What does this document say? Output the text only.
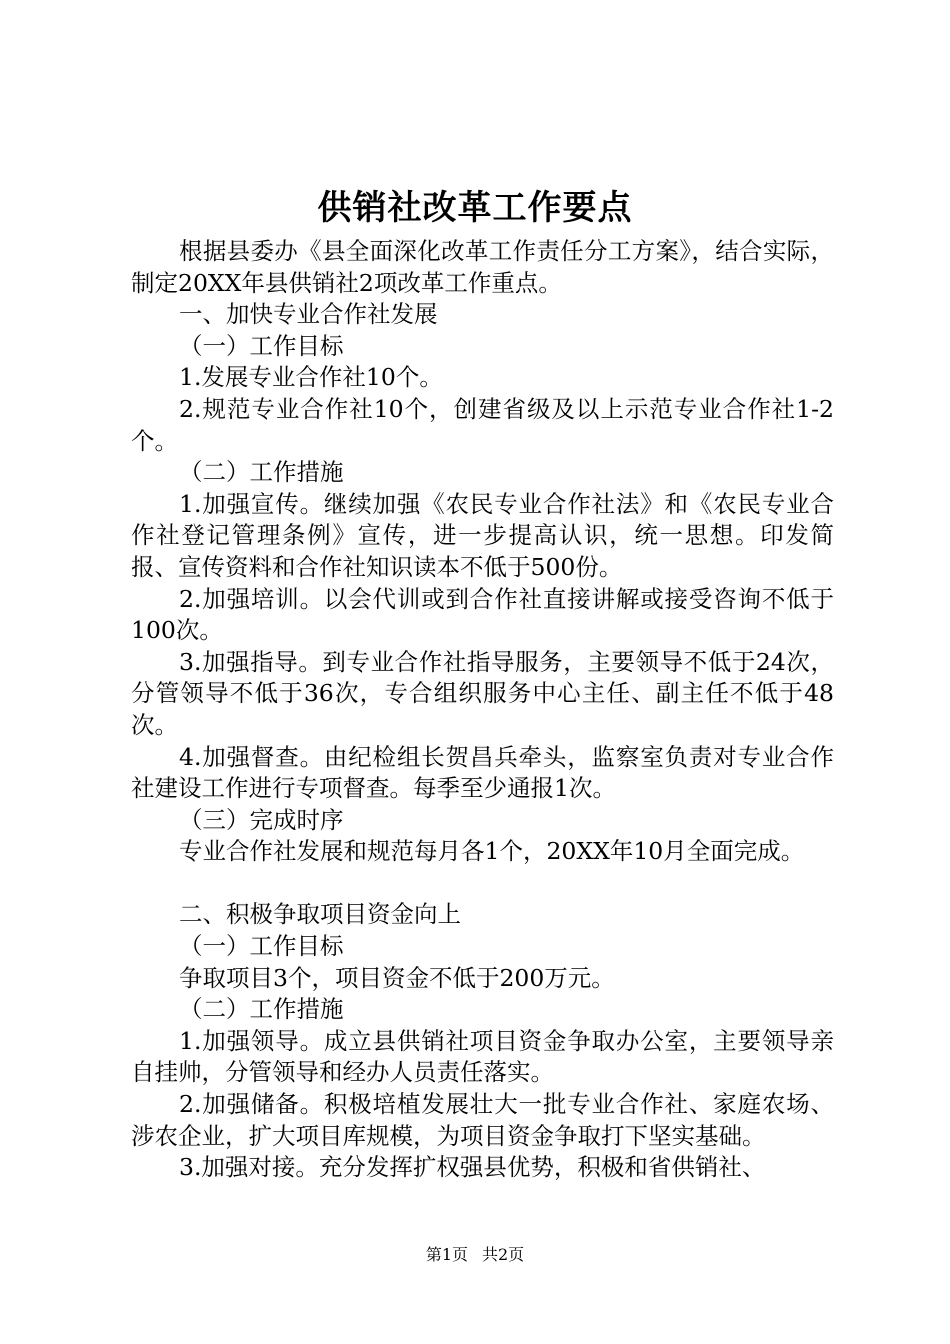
供销社改革工作要点

根据县委办《县全面深化改革工作责任分工方案》，结合实际，制定20XX年县供销社2项改革工作重点。

一、加快专业合作社发展

（一）工作目标

1.发展专业合作社10个。

2.规范专业合作社10个，创建省级及以上示范专业合作社1-2个。

（二）工作措施

1.加强宣传。继续加强《农民专业合作社法》和《农民专业合作社登记管理条例》宣传，进一步提高认识，统一思想。印发简报、宣传资料和合作社知识读本不低于500份。

2.加强培训。以会代训或到合作社直接讲解或接受咨询不低于100次。

3.加强指导。到专业合作社指导服务，主要领导不低于24次，分管领导不低于36次，专合组织服务中心主任、副主任不低于48次。

4.加强督查。由纪检组长贺昌兵牵头，监察室负责对专业合作社建设工作进行专项督查。每季至少通报1次。

（三）完成时序

专业合作社发展和规范每月各1个，20XX年10月全面完成。

二、积极争取项目资金向上

（一）工作目标

争取项目3个，项目资金不低于200万元。

（二）工作措施

1.加强领导。成立县供销社项目资金争取办公室，主要领导亲自挂帅，分管领导和经办人员责任落实。

2.加强储备。积极培植发展壮大一批专业合作社、家庭农场、涉农企业，扩大项目库规模，为项目资金争取打下坚实基础。

3.加强对接。充分发挥扩权强县优势，积极和省供销社、

第1页 共2页
